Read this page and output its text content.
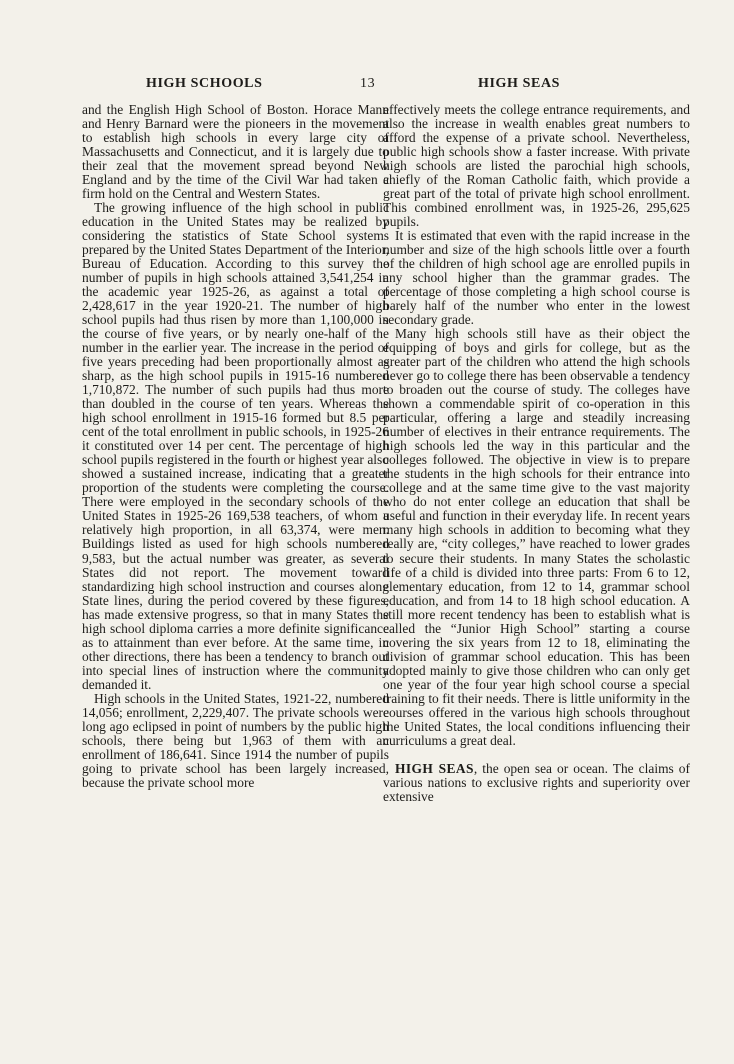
HIGH SCHOOLS	13	HIGH SEAS

and the English High School of Boston. Horace Mann and Henry Barnard were the pioneers in the movement to establish high schools in every large city of Massachusetts and Connecticut, and it is largely due to their zeal that the movement spread beyond New England and by the time of the Civil War had taken a firm hold on the Central and Western States.

The growing influence of the high school in public education in the United States may be realized by considering the statistics of State School systems prepared by the United States Department of the Interior, Bureau of Education. According to this survey the number of pupils in high schools attained 3,541,254 in the academic year 1925-26, as against a total of 2,428,617 in the year 1920-21. The number of high school pupils had thus risen by more than 1,100,000 in the course of five years, or by nearly one-half of the number in the earlier year. The increase in the period of five years preceding had been proportionally almost as sharp, as the high school pupils in 1915-16 numbered 1,710,872. The number of such pupils had thus more than doubled in the course of ten years. Whereas the high school enrollment in 1915-16 formed but 8.5 per cent of the total enrollment in public schools, in 1925-26 it constituted over 14 per cent. The percentage of high school pupils registered in the fourth or highest year also showed a sustained increase, indicating that a greater proportion of the students were completing the course. There were employed in the secondary schools of the United States in 1925-26 169,538 teachers, of whom a relatively high proportion, in all 63,374, were men. Buildings listed as used for high schools numbered 9,583, but the actual number was greater, as several States did not report. The movement toward standardizing high school instruction and courses along State lines, during the period covered by these figures, has made extensive progress, so that in many States the high school diploma carries a more definite significance as to attainment than ever before. At the same time, in other directions, there has been a tendency to branch out into special lines of instruction where the community demanded it.

High schools in the United States, 1921-22, numbered 14,056; enrollment, 2,229,407. The private schools were long ago eclipsed in point of numbers by the public high schools, there being but 1,963 of them with an enrollment of 186,641. Since 1914 the number of pupils going to private school has been largely increased, because the private school more

effectively meets the college entrance requirements, and also the increase in wealth enables great numbers to afford the expense of a private school. Nevertheless, public high schools show a faster increase. With private high schools are listed the parochial high schools, chiefly of the Roman Catholic faith, which provide a great part of the total of private high school enrollment. This combined enrollment was, in 1925-26, 295,625 pupils.

It is estimated that even with the rapid increase in the number and size of the high schools little over a fourth of the children of high school age are enrolled pupils in any school higher than the grammar grades. The percentage of those completing a high school course is barely half of the number who enter in the lowest secondary grade.

Many high schools still have as their object the equipping of boys and girls for college, but as the greater part of the children who attend the high schools never go to college there has been observable a tendency to broaden out the course of study. The colleges have shown a commendable spirit of co-operation in this particular, offering a large and steadily increasing number of electives in their entrance requirements. The high schools led the way in this particular and the colleges followed. The objective in view is to prepare the students in the high schools for their entrance into college and at the same time give to the vast majority who do not enter college an education that shall be useful and function in their everyday life. In recent years many high schools in addition to becoming what they really are, “city colleges,” have reached to lower grades to secure their students. In many States the scholastic life of a child is divided into three parts: From 6 to 12, elementary education, from 12 to 14, grammar school education, and from 14 to 18 high school education. A still more recent tendency has been to establish what is called the “Junior High School” starting a course covering the six years from 12 to 18, eliminating the division of grammar school education. This has been adopted mainly to give those children who can only get one year of the four year high school course a special training to fit their needs. There is little uniformity in the courses offered in the various high schools throughout the United States, the local conditions influencing their curriculums a great deal.

HIGH SEAS, the open sea or ocean. The claims of various nations to exclusive rights and superiority over extensive
